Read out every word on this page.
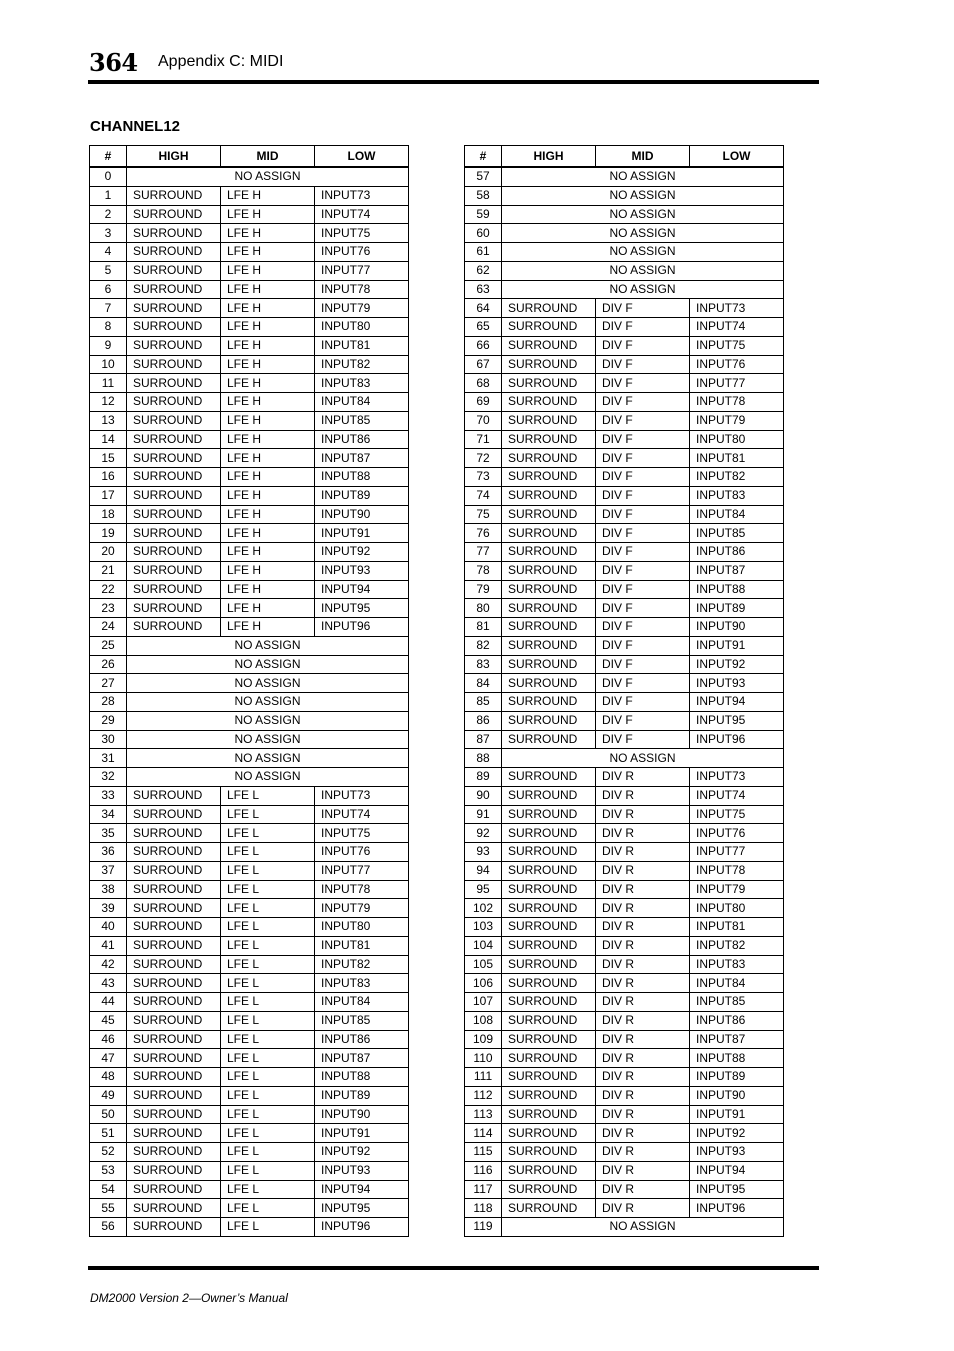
364 Appendix C: MIDI
CHANNEL12
#	HIGH	MID	LOW
0	NO ASSIGN		
1	SURROUND	LFE H	INPUT73
2	SURROUND	LFE H	INPUT74
3	SURROUND	LFE H	INPUT75
4	SURROUND	LFE H	INPUT76
5	SURROUND	LFE H	INPUT77
6	SURROUND	LFE H	INPUT78
7	SURROUND	LFE H	INPUT79
8	SURROUND	LFE H	INPUT80
9	SURROUND	LFE H	INPUT81
10	SURROUND	LFE H	INPUT82
11	SURROUND	LFE H	INPUT83
12	SURROUND	LFE H	INPUT84
13	SURROUND	LFE H	INPUT85
14	SURROUND	LFE H	INPUT86
15	SURROUND	LFE H	INPUT87
16	SURROUND	LFE H	INPUT88
17	SURROUND	LFE H	INPUT89
18	SURROUND	LFE H	INPUT90
19	SURROUND	LFE H	INPUT91
20	SURROUND	LFE H	INPUT92
21	SURROUND	LFE H	INPUT93
22	SURROUND	LFE H	INPUT94
23	SURROUND	LFE H	INPUT95
24	SURROUND	LFE H	INPUT96
25	NO ASSIGN		
26	NO ASSIGN		
27	NO ASSIGN		
28	NO ASSIGN		
29	NO ASSIGN		
30	NO ASSIGN		
31	NO ASSIGN		
32	NO ASSIGN		
33	SURROUND	LFE L	INPUT73
34	SURROUND	LFE L	INPUT74
35	SURROUND	LFE L	INPUT75
36	SURROUND	LFE L	INPUT76
37	SURROUND	LFE L	INPUT77
38	SURROUND	LFE L	INPUT78
39	SURROUND	LFE L	INPUT79
40	SURROUND	LFE L	INPUT80
41	SURROUND	LFE L	INPUT81
42	SURROUND	LFE L	INPUT82
43	SURROUND	LFE L	INPUT83
44	SURROUND	LFE L	INPUT84
45	SURROUND	LFE L	INPUT85
46	SURROUND	LFE L	INPUT86
47	SURROUND	LFE L	INPUT87
48	SURROUND	LFE L	INPUT88
49	SURROUND	LFE L	INPUT89
50	SURROUND	LFE L	INPUT90
51	SURROUND	LFE L	INPUT91
52	SURROUND	LFE L	INPUT92
53	SURROUND	LFE L	INPUT93
54	SURROUND	LFE L	INPUT94
55	SURROUND	LFE L	INPUT95
56	SURROUND	LFE L	INPUT96
#	HIGH	MID	LOW
57	NO ASSIGN		
58	NO ASSIGN		
59	NO ASSIGN		
60	NO ASSIGN		
61	NO ASSIGN		
62	NO ASSIGN		
63	NO ASSIGN		
64	SURROUND	DIV F	INPUT73
65	SURROUND	DIV F	INPUT74
66	SURROUND	DIV F	INPUT75
67	SURROUND	DIV F	INPUT76
68	SURROUND	DIV F	INPUT77
69	SURROUND	DIV F	INPUT78
70	SURROUND	DIV F	INPUT79
71	SURROUND	DIV F	INPUT80
72	SURROUND	DIV F	INPUT81
73	SURROUND	DIV F	INPUT82
74	SURROUND	DIV F	INPUT83
75	SURROUND	DIV F	INPUT84
76	SURROUND	DIV F	INPUT85
77	SURROUND	DIV F	INPUT86
78	SURROUND	DIV F	INPUT87
79	SURROUND	DIV F	INPUT88
80	SURROUND	DIV F	INPUT89
81	SURROUND	DIV F	INPUT90
82	SURROUND	DIV F	INPUT91
83	SURROUND	DIV F	INPUT92
84	SURROUND	DIV F	INPUT93
85	SURROUND	DIV F	INPUT94
86	SURROUND	DIV F	INPUT95
87	SURROUND	DIV F	INPUT96
88	NO ASSIGN		
89	SURROUND	DIV R	INPUT73
90	SURROUND	DIV R	INPUT74
91	SURROUND	DIV R	INPUT75
92	SURROUND	DIV R	INPUT76
93	SURROUND	DIV R	INPUT77
94	SURROUND	DIV R	INPUT78
95	SURROUND	DIV R	INPUT79
102	SURROUND	DIV R	INPUT80
103	SURROUND	DIV R	INPUT81
104	SURROUND	DIV R	INPUT82
105	SURROUND	DIV R	INPUT83
106	SURROUND	DIV R	INPUT84
107	SURROUND	DIV R	INPUT85
108	SURROUND	DIV R	INPUT86
109	SURROUND	DIV R	INPUT87
110	SURROUND	DIV R	INPUT88
111	SURROUND	DIV R	INPUT89
112	SURROUND	DIV R	INPUT90
113	SURROUND	DIV R	INPUT91
114	SURROUND	DIV R	INPUT92
115	SURROUND	DIV R	INPUT93
116	SURROUND	DIV R	INPUT94
117	SURROUND	DIV R	INPUT95
118	SURROUND	DIV R	INPUT96
119	NO ASSIGN		
DM2000 Version 2—Owner’s Manual
